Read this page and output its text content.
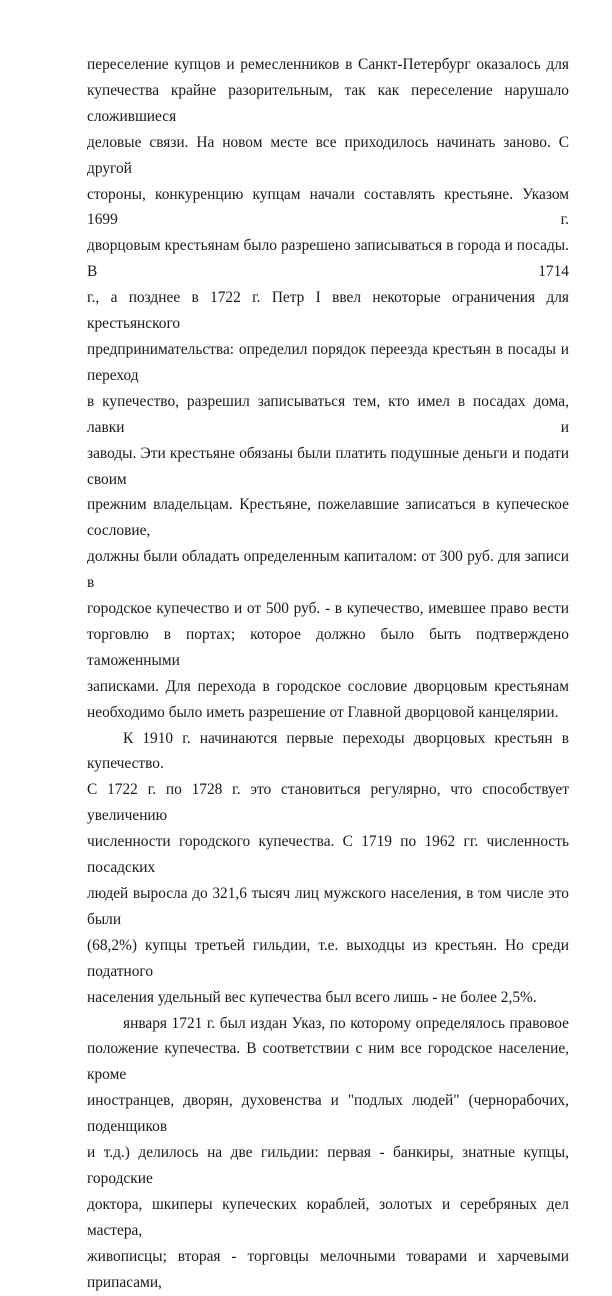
переселение купцов и ремесленников в Санкт-Петербург оказалось для

купечества крайне разорительным, так как переселение нарушало сложившиеся

деловые связи. На новом месте все приходилось начинать заново. С другой

стороны, конкуренцию купцам начали составлять крестьяне. Указом 1699 г.

дворцовым крестьянам было разрешено записываться в города и посады. В 1714

г., а позднее в 1722 г. Петр I ввел некоторые ограничения для крестьянского

предпринимательства: определил порядок переезда крестьян в посады и переход

в купечество, разрешил записываться тем, кто имел в посадах дома, лавки и

заводы. Эти крестьяне обязаны были платить подушные деньги и подати своим

прежним владельцам. Крестьяне, пожелавшие записаться в купеческое сословие,

должны были обладать определенным капиталом: от 300 руб. для записи в

городское купечество и от 500 руб. - в купечество, имевшее право вести

торговлю в портах; которое должно было быть подтверждено таможенными

записками. Для перехода в городское сословие дворцовым крестьянам

необходимо было иметь разрешение от Главной дворцовой канцелярии.

К 1910 г. начинаются первые переходы дворцовых крестьян в купечество.

С 1722 г. по 1728 г. это становиться регулярно, что способствует увеличению

численности городского купечества. С 1719 по 1962 гг. численность посадских

людей выросла до 321,6 тысяч лиц мужского населения, в том числе это были

(68,2%) купцы третьей гильдии, т.е. выходцы из крестьян. Но среди податного

населения удельный вес купечества был всего лишь - не более 2,5%.

января 1721 г. был издан Указ, по которому определялось правовое

положение купечества. В соответствии с ним все городское население, кроме

иностранцев, дворян, духовенства и "подлых людей" (чернорабочих, поденщиков

и т.д.) делилось на две гильдии: первая - банкиры, знатные купцы, городские

доктора, шкиперы купеческих кораблей, золотых и серебряных дел мастера,

живописцы; вторая - торговцы мелочными товарами и харчевыми припасами,
